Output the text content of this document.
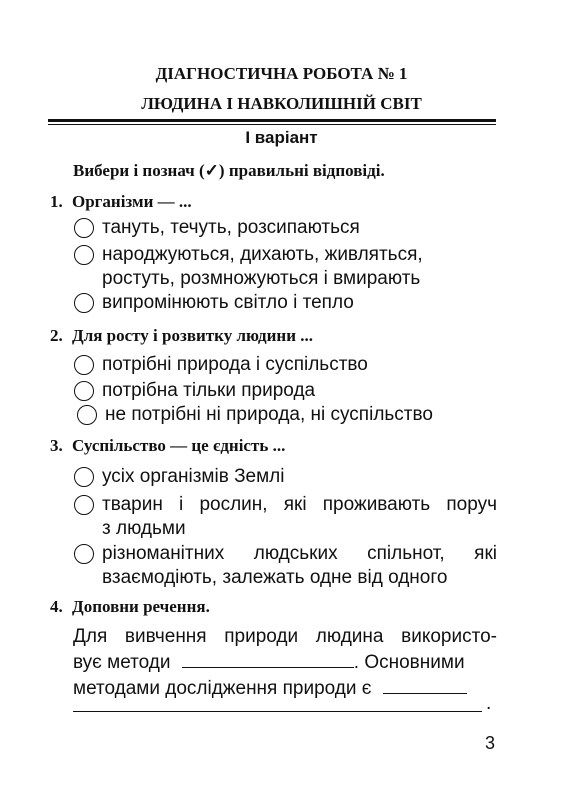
ДІАГНОСТИЧНА РОБОТА № 1
ЛЮДИНА І НАВКОЛИШНІЙ СВІТ
І варіант
Вибери і познач (✓) правильні відповіді.
1. Організми — ...
тануть, течуть, розсипаються
народжуються, дихають, живляться,
ростуть, розмножуються і вмирають
випромінюють світло і тепло
2. Для росту і розвитку людини ...
потрібні природа і суспільство
потрібна тільки природа
не потрібні ні природа, ні суспільство
3. Суспільство — це єдність ...
усіх організмів Землі
тварин і рослин, які проживають поруч
з людьми
різноманітних людських спільнот, які
взаємодіють, залежать одне від одного
4. Доповни речення.
Для вивчення природи людина використо-
вує методи	. Основними
методами дослідження природи є
.
3
